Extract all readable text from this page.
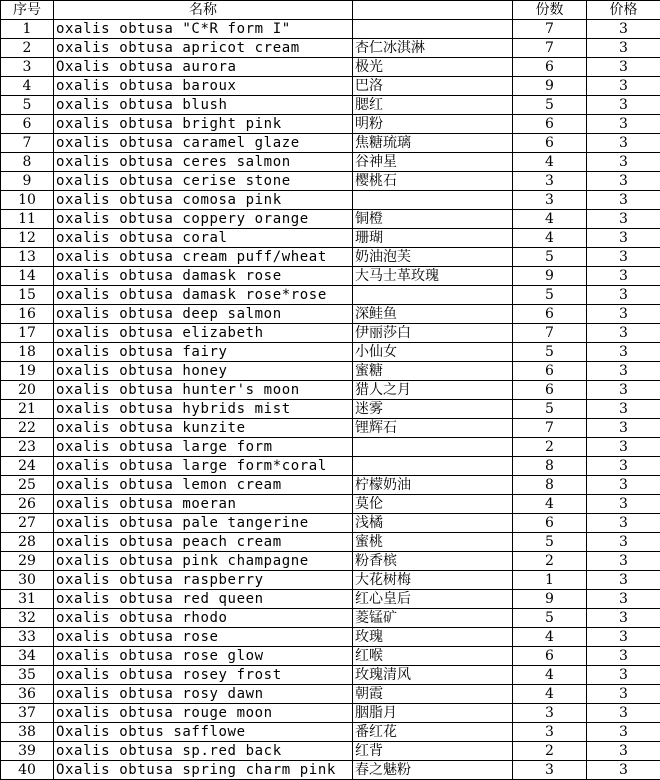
序号	名称		份数	价格
1	oxalis obtusa "C*R form I"		7	3
2	oxalis obtusa apricot cream	杏仁冰淇淋	7	3
3	Oxalis obtusa aurora	极光	6	3
4	oxalis obtusa baroux	巴洛	9	3
5	oxalis obtusa blush	腮红	5	3
6	oxalis obtusa bright pink	明粉	6	3
7	oxalis obtusa caramel glaze	焦糖琉璃	6	3
8	oxalis obtusa ceres salmon	谷神星	4	3
9	oxalis obtusa cerise stone	樱桃石	3	3
10	oxalis obtusa comosa pink		3	3
11	oxalis obtusa coppery orange	铜橙	4	3
12	oxalis obtusa coral	珊瑚	4	3
13	oxalis obtusa cream puff/wheat	奶油泡芙	5	3
14	oxalis obtusa damask rose	大马士革玫瑰	9	3
15	oxalis obtusa damask rose*rose		5	3
16	oxalis obtusa deep salmon	深鲑鱼	6	3
17	oxalis obtusa elizabeth	伊丽莎白	7	3
18	oxalis obtusa fairy	小仙女	5	3
19	oxalis obtusa honey	蜜糖	6	3
20	oxalis obtusa hunter's moon	猎人之月	6	3
21	oxalis obtusa hybrids mist	迷雾	5	3
22	oxalis obtusa kunzite	锂辉石	7	3
23	oxalis obtusa large form		2	3
24	oxalis obtusa large form*coral		8	3
25	oxalis obtusa lemon cream	柠檬奶油	8	3
26	oxalis obtusa moeran	莫伦	4	3
27	oxalis obtusa pale tangerine	浅橘	6	3
28	oxalis obtusa peach cream	蜜桃	5	3
29	oxalis obtusa pink champagne	粉香槟	2	3
30	oxalis obtusa raspberry	大花树梅	1	3
31	oxalis obtusa red queen	红心皇后	9	3
32	oxalis obtusa rhodo	菱锰矿	5	3
33	oxalis obtusa rose	玫瑰	4	3
34	oxalis obtusa rose glow	红喉	6	3
35	oxalis obtusa rosey frost	玫瑰清风	4	3
36	oxalis obtusa rosy dawn	朝霞	4	3
37	oxalis obtusa rouge moon	胭脂月	3	3
38	Oxalis obtus safflowe	番红花	3	3
39	oxalis obtusa sp.red back	红背	2	3
40	Oxalis obtusa spring charm pink	春之魅粉	3	3
